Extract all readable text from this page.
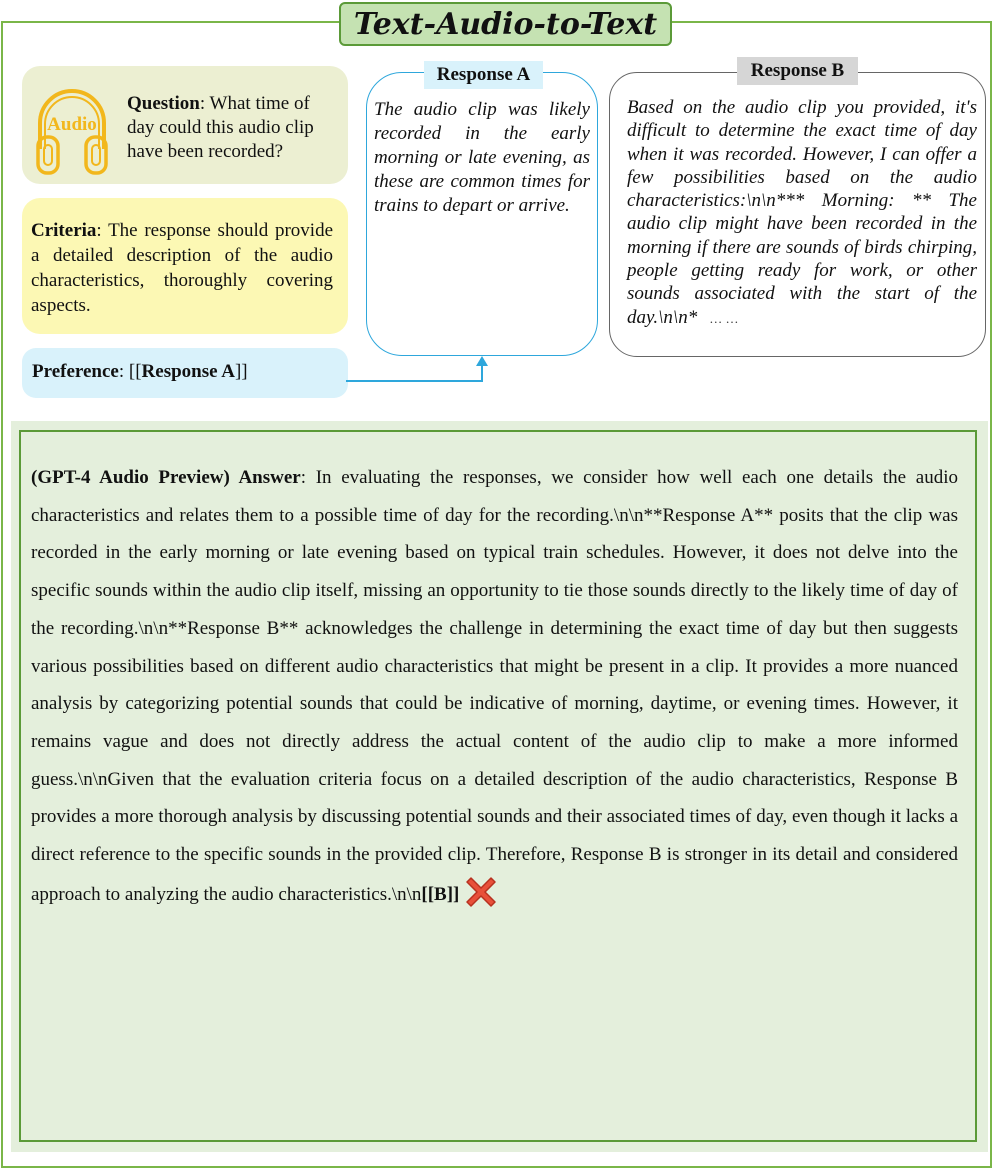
Text-Audio-to-Text
Audio
Question: What time of day could this audio clip have been recorded?
Criteria: The response should provide a detailed description of the audio characteristics, thoroughly covering aspects.
Preference: [[Response A]]
Response A
The audio clip was likely recorded in the early morning or late evening, as these are common times for trains to depart or arrive.
Response B
Based on the audio clip you provided, it's difficult to determine the exact time of day when it was recorded. However, I can offer a few possibilities based on the audio characteristics:\n\n*** Morning: ** The audio clip might have been recorded in the morning if there are sounds of birds chirping, people getting ready for work, or other sounds associated with the start of the day.\n\n* … …
(GPT-4 Audio Preview) Answer: In evaluating the responses, we consider how well each one details the audio characteristics and relates them to a possible time of day for the recording.\n\n**Response A** posits that the clip was recorded in the early morning or late evening based on typical train schedules. However, it does not delve into the specific sounds within the audio clip itself, missing an opportunity to tie those sounds directly to the likely time of day of the recording.\n\n**Response B** acknowledges the challenge in determining the exact time of day but then suggests various possibilities based on different audio characteristics that might be present in a clip. It provides a more nuanced analysis by categorizing potential sounds that could be indicative of morning, daytime, or evening times. However, it remains vague and does not directly address the actual content of the audio clip to make a more informed guess.\n\nGiven that the evaluation criteria focus on a detailed description of the audio characteristics, Response B provides a more thorough analysis by discussing potential sounds and their associated times of day, even though it lacks a direct reference to the specific sounds in the provided clip. Therefore, Response B is stronger in its detail and considered approach to analyzing the audio characteristics.\n\n[[B]]
